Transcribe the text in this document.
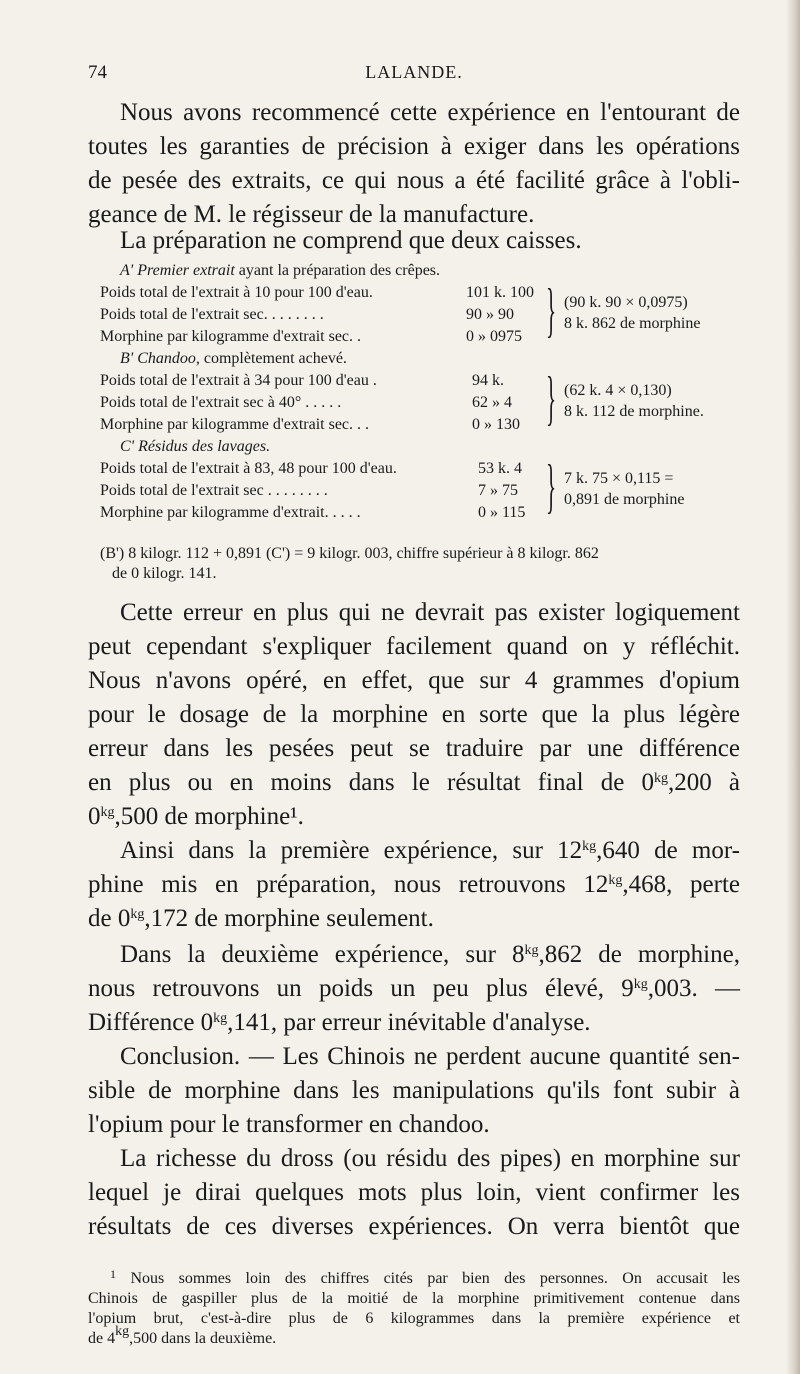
74	LALANDE.
Nous avons recommencé cette expérience en l'entourant de
toutes les garanties de précision à exiger dans les opérations
de pesée des extraits, ce qui nous a été facilité grâce à l'obli-
geance de M. le régisseur de la manufacture.
La préparation ne comprend que deux caisses.
A' Premier extrait ayant la préparation des crêpes.
Poids total de l'extrait à 10 pour 100 d'eau.	101 k. 100
Poids total de l'extrait sec. . . . . . . .	90 » 90
Morphine par kilogramme d'extrait sec. .	0 » 0975 } (90 k. 90 × 0,0975)
8 k. 862 de morphine
B' Chandoo, complètement achevé.
Poids total de l'extrait à 34 pour 100 d'eau .	94 k.
Poids total de l'extrait sec à 40° . . . . .	62 » 4
Morphine par kilogramme d'extrait sec. . .	0 » 130 } (62 k. 4 × 0,130)
8 k. 112 de morphine.
C' Résidus des lavages.
Poids total de l'extrait à 83, 48 pour 100 d'eau.	53 k. 4
Poids total de l'extrait sec . . . . . . . .	7 » 75
Morphine par kilogramme d'extrait. . . . .	0 » 115 } 7 k. 75 × 0,115 =
0,891 de morphine
(B') 8 kilogr. 112 + 0,891 (C') = 9 kilogr. 003, chiffre supérieur à 8 kilogr. 862
de 0 kilogr. 141.
Cette erreur en plus qui ne devrait pas exister logiquement
peut cependant s'expliquer facilement quand on y réfléchit.
Nous n'avons opéré, en effet, que sur 4 grammes d'opium
pour le dosage de la morphine en sorte que la plus légère
erreur dans les pesées peut se traduire par une différence
en plus ou en moins dans le résultat final de $0^{kg},200$ à
$0^{kg},500$ de morphine¹.
Ainsi dans la première expérience, sur $12^{kg},640$ de mor-
phine mis en préparation, nous retrouvons $12^{kg},468$, perte
de $0^{kg},172$ de morphine seulement.
Dans la deuxième expérience, sur $8^{kg},862$ de morphine,
nous retrouvons un poids un peu plus élevé, $9^{kg},003$. —
Différence $0^{kg},141$, par erreur inévitable d'analyse.
Conclusion. — Les Chinois ne perdent aucune quantité sen-
sible de morphine dans les manipulations qu'ils font subir à
l'opium pour le transformer en chandoo.
La richesse du dross (ou résidu des pipes) en morphine sur
lequel je dirai quelques mots plus loin, vient confirmer les
résultats de ces diverses expériences. On verra bientôt que
$^1$ Nous sommes loin des chiffres cités par bien des personnes. On accusait les
Chinois de gaspiller plus de la moitié de la morphine primitivement contenue dans
l'opium brut, c'est-à-dire plus de 6 kilogrammes dans la première expérience et
de $4^{kg},500$ dans la deuxième.
